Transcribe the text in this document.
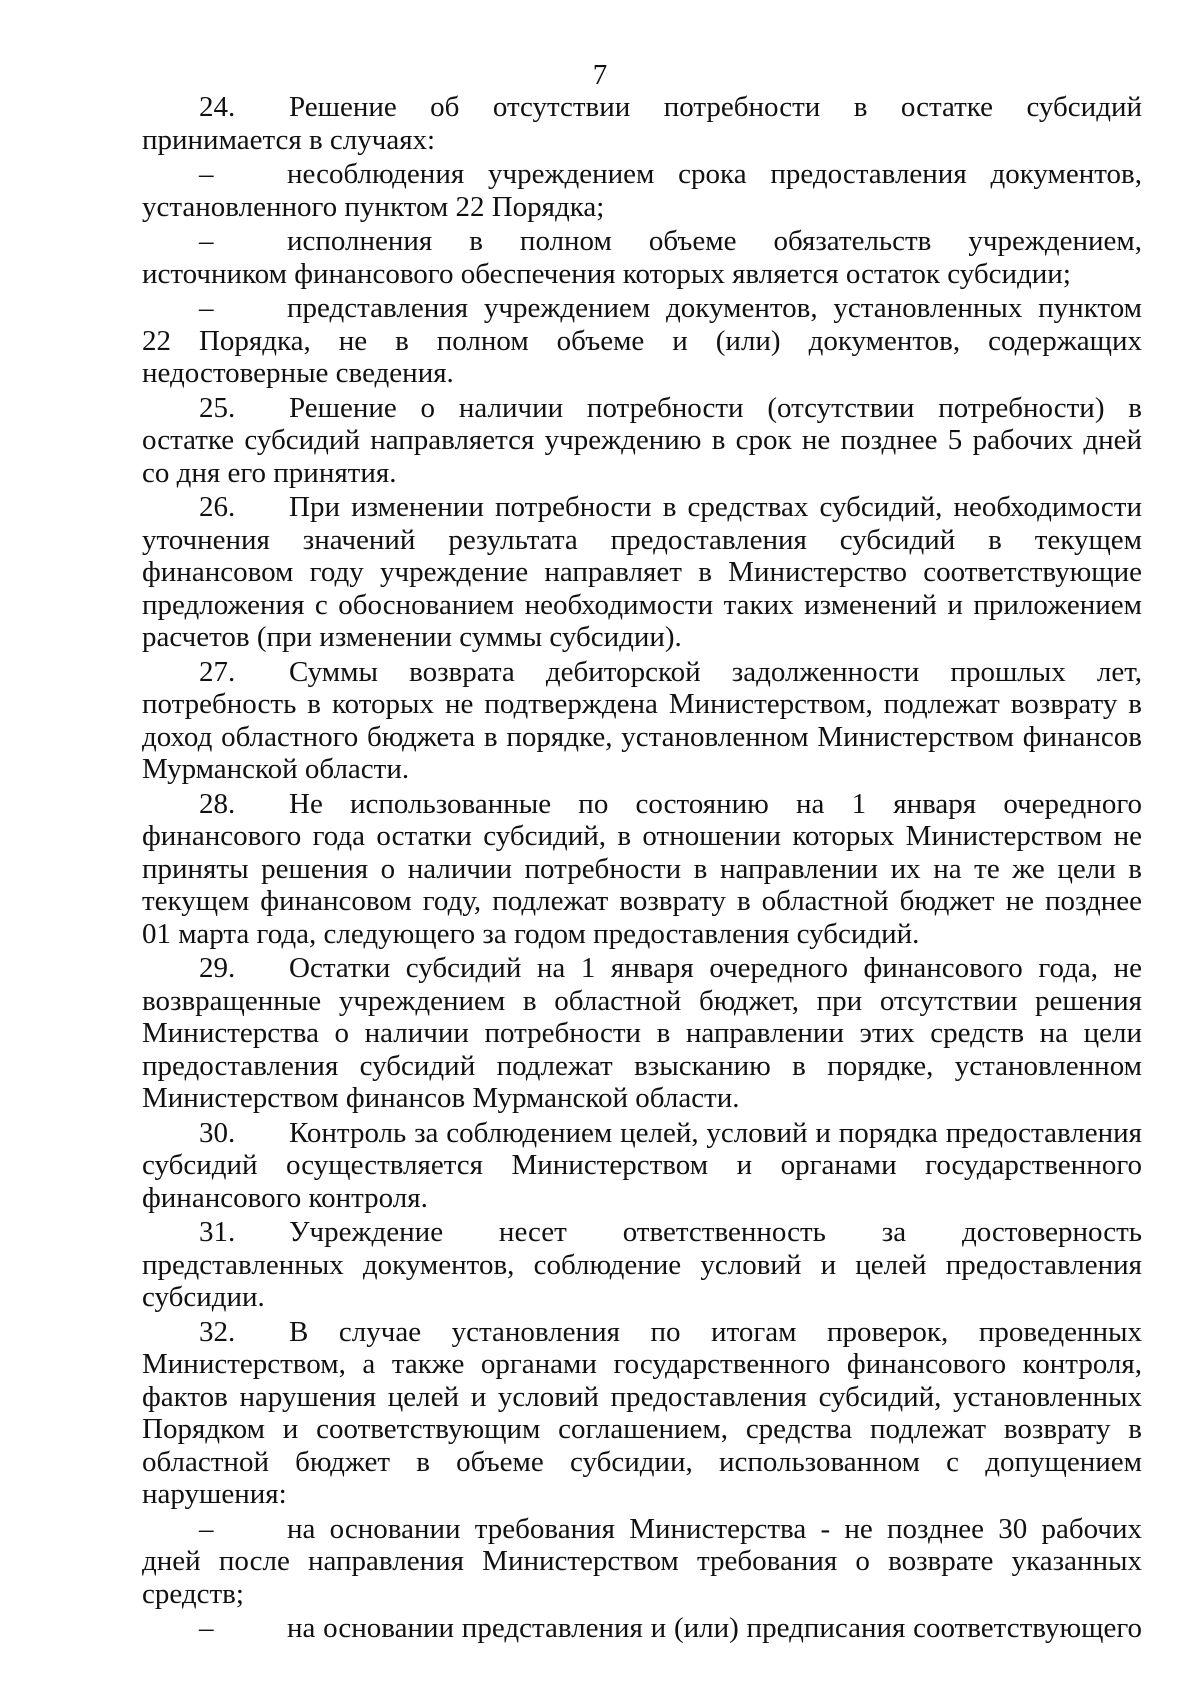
7

24. Решение об отсутствии потребности в остатке субсидий принимается в случаях:

–	несоблюдения учреждением срока предоставления документов, установленного пунктом 22 Порядка;

–	исполнения в полном объеме обязательств учреждением, источником финансового обеспечения которых является остаток субсидии;

–	представления учреждением документов, установленных пунктом 22 Порядка, не в полном объеме и (или) документов, содержащих недостоверные сведения.

25. Решение о наличии потребности (отсутствии потребности) в остатке субсидий направляется учреждению в срок не позднее 5 рабочих дней со дня его принятия.

26. При изменении потребности в средствах субсидий, необходимости уточнения значений результата предоставления субсидий в текущем финансовом году учреждение направляет в Министерство соответствующие предложения с обоснованием необходимости таких изменений и приложением расчетов (при изменении суммы субсидии).

27. Суммы возврата дебиторской задолженности прошлых лет, потребность в которых не подтверждена Министерством, подлежат возврату в доход областного бюджета в порядке, установленном Министерством финансов Мурманской области.

28. Не использованные по состоянию на 1 января очередного финансового года остатки субсидий, в отношении которых Министерством не приняты решения о наличии потребности в направлении их на те же цели в текущем финансовом году, подлежат возврату в областной бюджет не позднее 01 марта года, следующего за годом предоставления субсидий.

29. Остатки субсидий на 1 января очередного финансового года, не возвращенные учреждением в областной бюджет, при отсутствии решения Министерства о наличии потребности в направлении этих средств на цели предоставления субсидий подлежат взысканию в порядке, установленном Министерством финансов Мурманской области.

30. Контроль за соблюдением целей, условий и порядка предоставления субсидий осуществляется Министерством и органами государственного финансового контроля.

31. Учреждение несет ответственность за достоверность представленных документов, соблюдение условий и целей предоставления субсидии.

32. В случае установления по итогам проверок, проведенных Министерством, а также органами государственного финансового контроля, фактов нарушения целей и условий предоставления субсидий, установленных Порядком и соответствующим соглашением, средства подлежат возврату в областной бюджет в объеме субсидии, использованном с допущением нарушения:

–	на основании требования Министерства - не позднее 30 рабочих дней после направления Министерством требования о возврате указанных средств;

–	на основании представления и (или) предписания соответствующего
